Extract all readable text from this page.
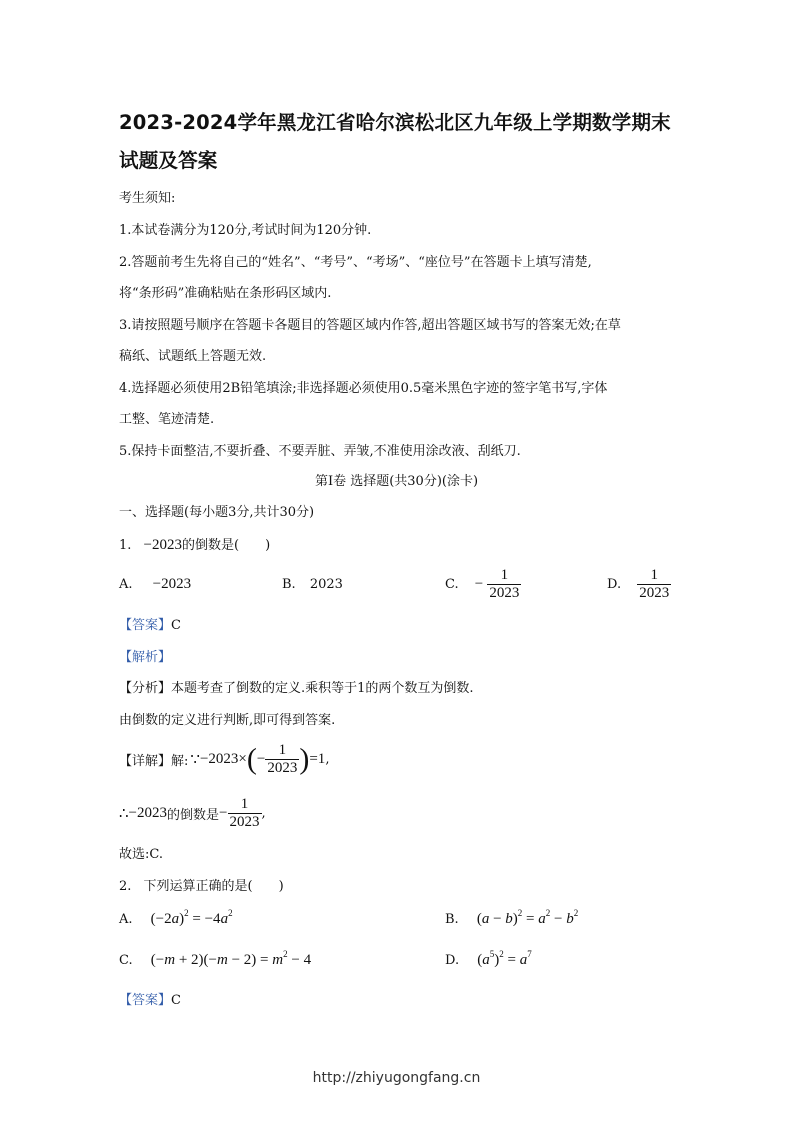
2023-2024学年黑龙江省哈尔滨松北区九年级上学期数学期末试题及答案
考生须知:
1.本试卷满分为120分,考试时间为120分钟.
2.答题前考生先将自己的“姓名”、“考号”、“考场”、“座位号”在答题卡上填写清楚,
将“条形码”准确粘贴在条形码区域内.
3.请按照题号顺序在答题卡各题目的答题区域内作答,超出答题区域书写的答案无效;在草
稿纸、试题纸上答题无效.
4.选择题必须使用2B铅笔填涂;非选择题必须使用0.5毫米黑色字迹的签字笔书写,字体
工整、笔迹清楚.
5.保持卡面整洁,不要折叠、不要弄脏、弄皱,不准使用涂改液、刮纸刀.
第Ⅰ卷 选择题(共30分)(涂卡)
一、选择题(每小题3分,共计30分)
1. −2023的倒数是(　　)
A. −2023	B. 2023	C. − $\frac{1}{2023}$	D. $\frac{1}{2023}$
【答案】C
【解析】
【分析】本题考查了倒数的定义.乘积等于1的两个数互为倒数.
由倒数的定义进行判断,即可得到答案.
【详解】解: ∵−2023×(− $\frac{1}{2023} )=1$,
∴−2023的倒数是− $\frac{1}{2023}$ ,
故选:C.
2. 下列运算正确的是(　　)
A. $(-2a)^2 = -4a^2$	B. $(a - b)^2 = a^2 - b^2$
C. $(-m + 2)(-m - 2) = m^2 - 4$	D. $(a^5)^2 = a^7$
【答案】C
http://zhiyugongfang.cn
